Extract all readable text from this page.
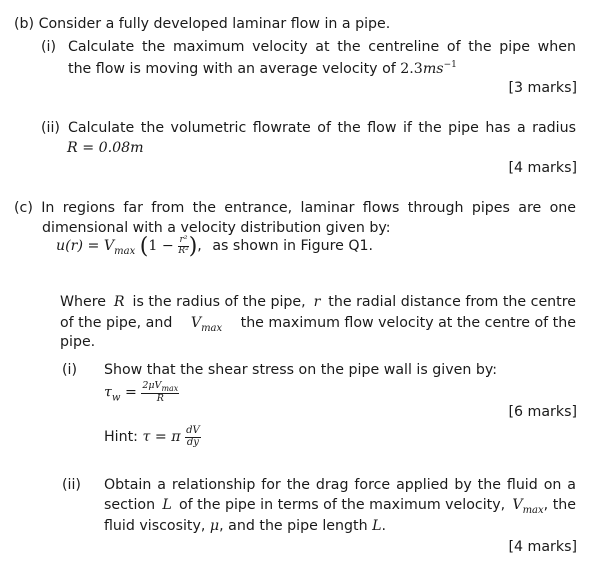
(b) Consider a fully developed laminar flow in a pipe.
(i) Calculate the maximum velocity at the centreline of the pipe when
the flow is moving with an average velocity of $2.3ms^{-1}$
[3 marks]
(ii) Calculate the volumetric flowrate of the flow if the pipe has a radius
R = 0.08m
[4 marks]
(c) In regions far from the entrance, laminar flows through pipes are one
dimensional with a velocity distribution given by:
$u(r) = V_{max}$ ($1 - \frac{\text{r²}}{\text{R²}}$ ), as shown in Figure Q1.
Where R is the radius of the pipe, r the radial distance from the centre
of the pipe, and $V_{max}$ the maximum flow velocity at the centre of the
pipe.
(i) Show that the shear stress on the pipe wall is given by:
$\tau_w = \frac{2\mu V_{max}}{R}$
[6 marks]
Hint: τ = π $\frac{dV}{dy}$
(ii) Obtain a relationship for the drag force applied by the fluid on a
section L of the pipe in terms of the maximum velocity, $V_{max}$, the
fluid viscosity, μ, and the pipe length L.
[4 marks]
